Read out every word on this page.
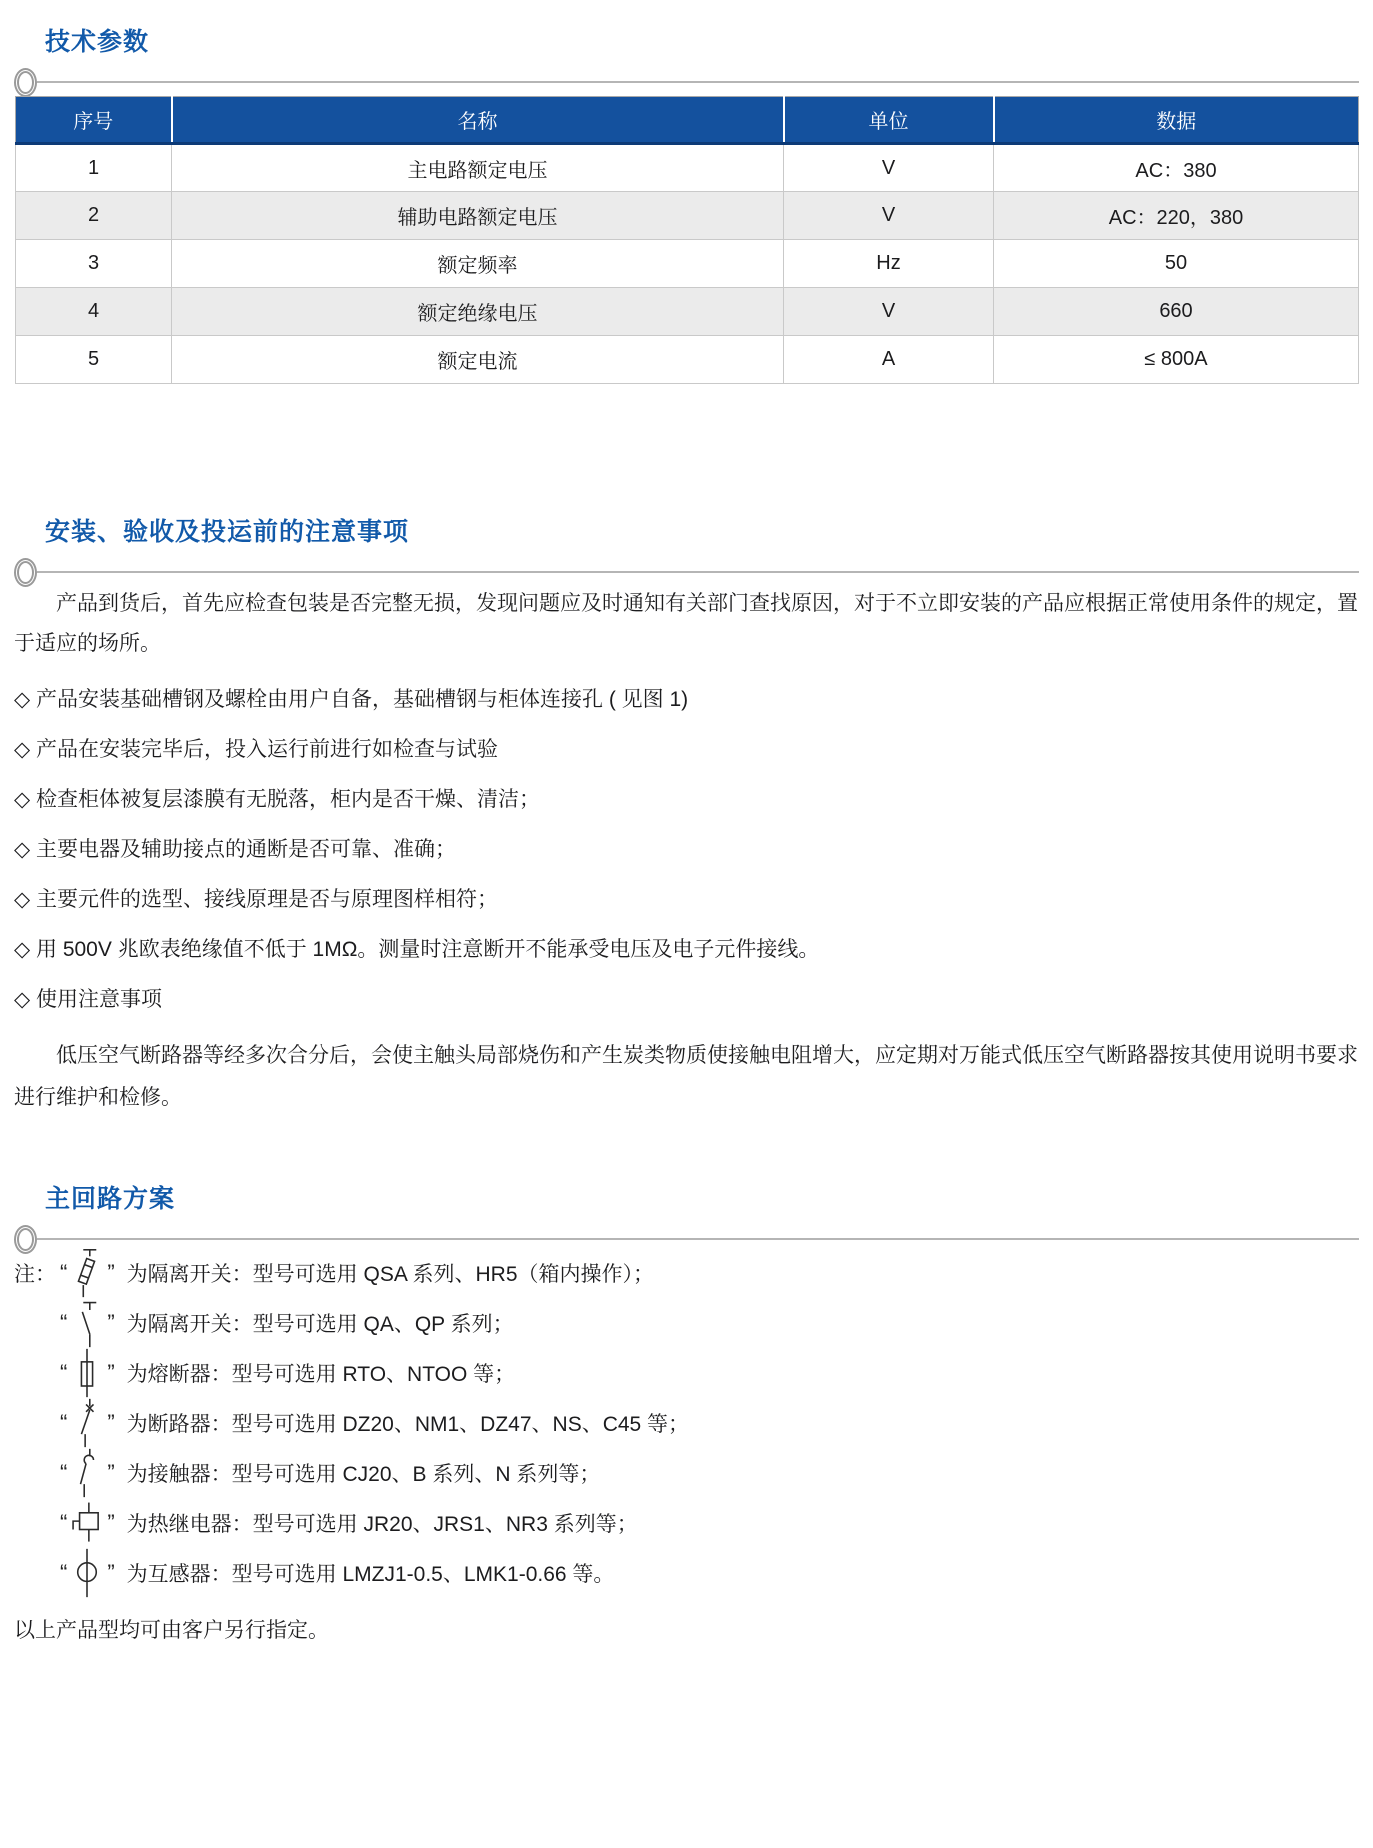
技术参数
序号	名称	单位	数据
1	主电路额定电压	V	AC：380
2	辅助电路额定电压	V	AC：220，380
3	额定频率	Hz	50
4	额定绝缘电压	V	660
5	额定电流	A	≤ 800A
安装、验收及投运前的注意事项

产品到货后，首先应检查包装是否完整无损，发现问题应及时通知有关部门查找原因，对于不立即安装的产品应根据正常使用条件的规定，置于适应的场所。

◇ 产品安装基础槽钢及螺栓由用户自备，基础槽钢与柜体连接孔 ( 见图 1)
◇ 产品在安装完毕后，投入运行前进行如检查与试验
◇ 检查柜体被复层漆膜有无脱落，柜内是否干燥、清洁；
◇ 主要电器及辅助接点的通断是否可靠、准确；
◇ 主要元件的选型、接线原理是否与原理图样相符；
◇ 用 500V 兆欧表绝缘值不低于 1MΩ。测量时注意断开不能承受电压及电子元件接线。
◇ 使用注意事项

低压空气断路器等经多次合分后，会使主触头局部烧伤和产生炭类物质使接触电阻增大，应定期对万能式低压空气断路器按其使用说明书要求进行维护和检修。

主回路方案
注： “ ” 为隔离开关：型号可选用 QSA 系列、HR5（箱内操作）；
“ ” 为隔离开关：型号可选用 QA、QP 系列；
“ ” 为熔断器：型号可选用 RTO、NTOO 等；
“ ” 为断路器：型号可选用 DZ20、NM1、DZ47、NS、C45 等；
“ ” 为接触器：型号可选用 CJ20、B 系列、N 系列等；
“ ” 为热继电器：型号可选用 JR20、JRS1、NR3 系列等；
“ ” 为互感器：型号可选用 LMZJ1-0.5、LMK1-0.66 等。
以上产品型均可由客户另行指定。
